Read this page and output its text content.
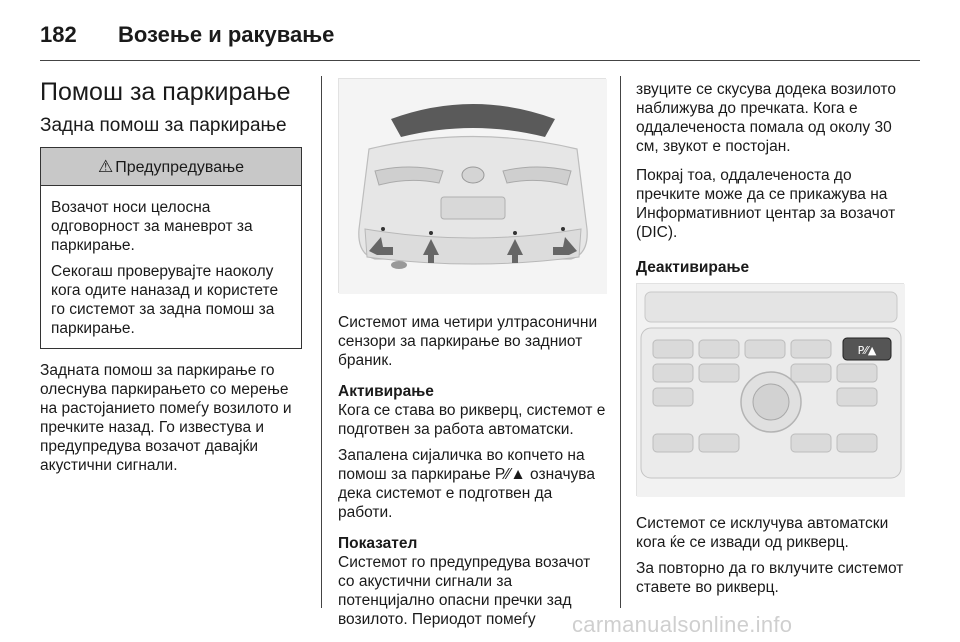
182 Возење и ракување
Помош за паркирање
Задна помош за паркирање
⚠ Предупредување

Возачот носи целосна одговорност за маневрот за паркирање.

Секогаш проверувајте наоколу кога одите наназад и користете го системот за задна помош за паркирање.

Задната помош за паркирање го олеснува паркирањето со мерење на растојанието помеѓу возилото и пречките назад. Го известува и предупредува возачот давајќи акустични сигнали.

Системот има четири ултрасонични сензори за паркирање во задниот браник.

Активирање

Кога се става во рикверц, системот е подготвен за работа автоматски.

Запалена сијаличка во копчето на помош за паркирање P⁄⁄▲ означува дека системот е подготвен да работи.

Показател

Системот го предупредува возачот со акустични сигнали за потенцијално опасни пречки зад возилото. Периодот помеѓу

звуците се скусува додека возилото наближува до пречката. Кога е оддалеченоста помала од околу 30 см, звукот е постојан.

Покрај тоа, оддалеченоста до пречките може да се прикажува на Информативниот центар за возачот (DIC).

Деактивирање
P⁄⁄▲

Системот се исклучува автоматски кога ќе се извади од рикверц.

За повторно да го вклучите системот ставете во рикверц.

carmanualsonline.info
